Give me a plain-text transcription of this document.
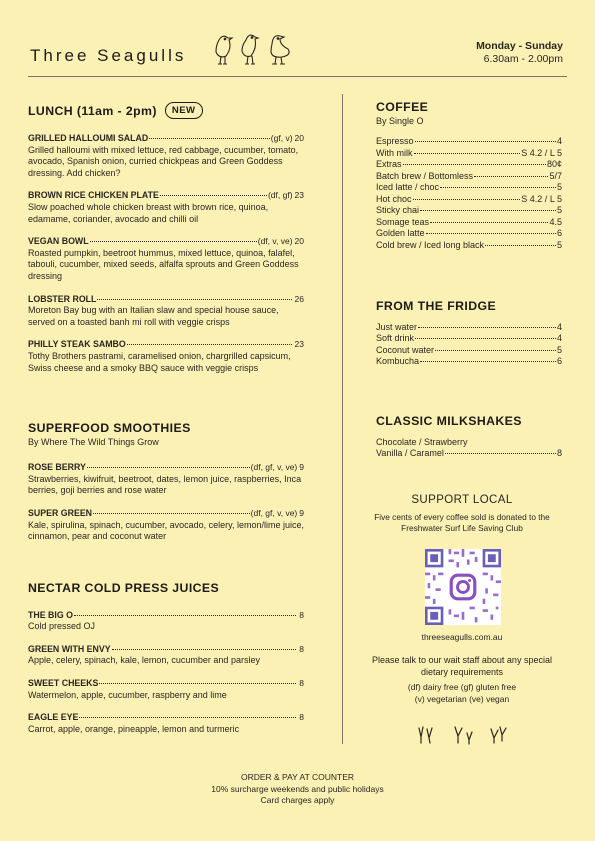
Three Seagulls	Monday - Sunday
6.30am - 2.00pm
LUNCH (11am - 2pm) NEW
GRILLED HALLOUMI SALAD	(gf, v) 20
Grilled halloumi with mixed lettuce, red cabbage, cucumber, tomato, avocado, Spanish onion, curried chickpeas and Green Goddess dressing. Add chicken?
BROWN RICE CHICKEN PLATE	(df, gf) 23
Slow poached whole chicken breast with brown rice, quinoa, edamame, coriander, avocado and chilli oil
VEGAN BOWL	(df, v, ve) 20
Roasted pumpkin, beetroot hummus, mixed lettuce, quinoa, falafel, tabouli, cucumber, mixed seeds, alfalfa sprouts and Green Goddess dressing
LOBSTER ROLL	26
Moreton Bay bug with an Italian slaw and special house sauce, served on a toasted banh mi roll with veggie crisps
PHILLY STEAK SAMBO	23
Tothy Brothers pastrami, caramelised onion, chargrilled capsicum, Swiss cheese and a smoky BBQ sauce with veggie crisps
SUPERFOOD SMOOTHIES
By Where The Wild Things Grow
ROSE BERRY	(df, gf, v, ve) 9
Strawberries, kiwifruit, beetroot, dates, lemon juice, raspberries, Inca berries, goji berries and rose water
SUPER GREEN	(df, gf, v, ve) 9
Kale, spirulina, spinach, cucumber, avocado, celery, lemon/lime juice, cinnamon, pear and coconut water
NECTAR COLD PRESS JUICES
THE BIG O	8
Cold pressed OJ
GREEN WITH ENVY	8
Apple, celery, spinach, kale, lemon, cucumber and parsley
SWEET CHEEKS	8
Watermelon, apple, cucumber, raspberry and lime
EAGLE EYE	8
Carrot, apple, orange, pineapple, lemon and turmeric
COFFEE
By Single O
Espresso	4
With milk	S 4.2 / L 5
Extras	80¢
Batch brew / Bottomless	5/7
Iced latte / choc	5
Hot choc	S 4.2 / L 5
Sticky chai	5
Somage teas	4.5
Golden latte	6
Cold brew / Iced long black	5
FROM THE FRIDGE
Just water	4
Soft drink	4
Coconut water	5
Kombucha	6
CLASSIC MILKSHAKES
Chocolate / Strawberry
Vanilla / Caramel	8
SUPPORT LOCAL
Five cents of every coffee sold is donated to the Freshwater Surf Life Saving Club
threeseagulls.com.au
Please talk to our wait staff about any special dietary requirements
(df) dairy free (gf) gluten free
(v) vegetarian (ve) vegan
ORDER & PAY AT COUNTER
10% surcharge weekends and public holidays
Card charges apply
